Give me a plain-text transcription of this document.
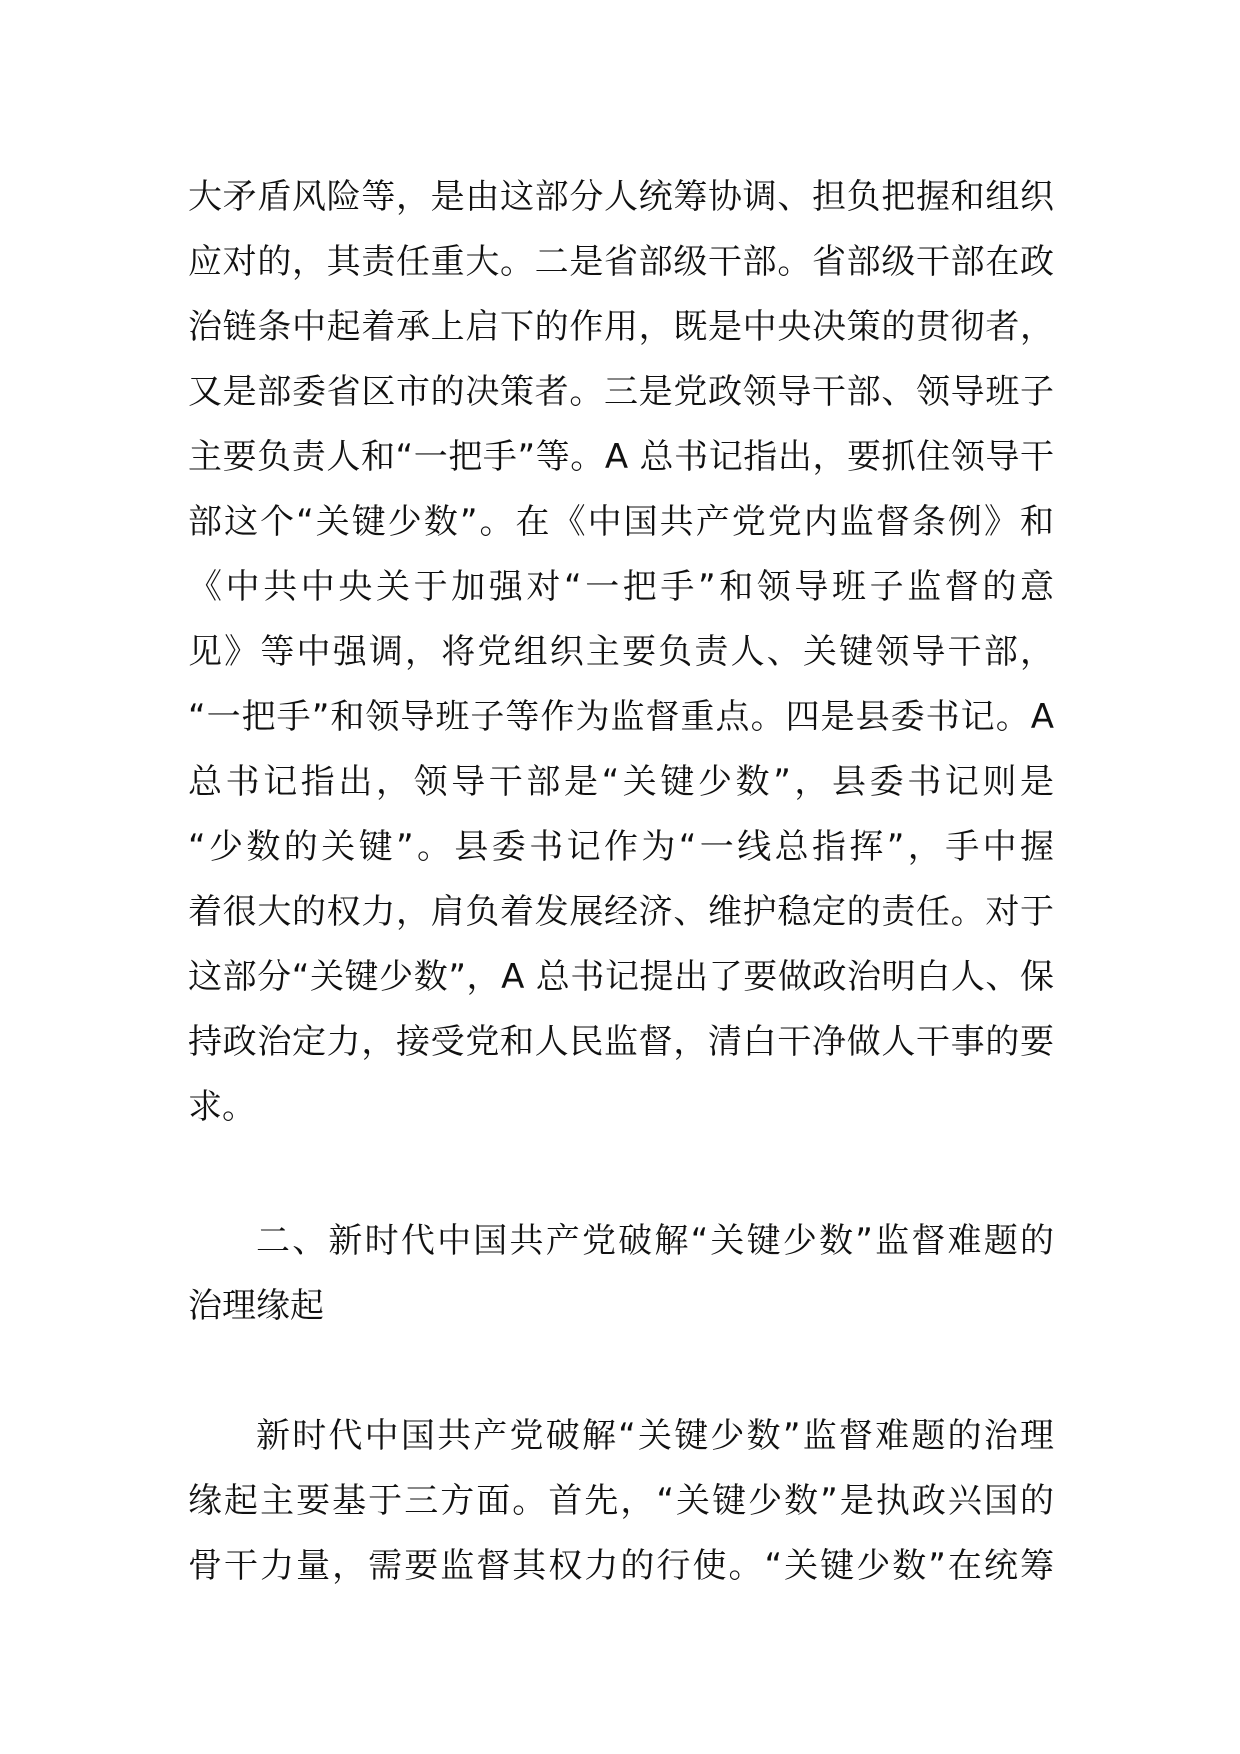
大矛盾风险等，是由这部分人统筹协调、担负把握和组织
应对的，其责任重大。二是省部级干部。省部级干部在政
治链条中起着承上启下的作用，既是中央决策的贯彻者，
又是部委省区市的决策者。三是党政领导干部、领导班子
主要负责人和“一把手”等。A 总书记指出，要抓住领导干
部这个“关键少数”。在《中国共产党党内监督条例》和
《中共中央关于加强对“一把手”和领导班子监督的意
见》等中强调，将党组织主要负责人、关键领导干部，
“一把手”和领导班子等作为监督重点。四是县委书记。A
总书记指出，领导干部是“关键少数”，县委书记则是
“少数的关键”。县委书记作为“一线总指挥”，手中握
着很大的权力，肩负着发展经济、维护稳定的责任。对于
这部分“关键少数”，A 总书记提出了要做政治明白人、保
持政治定力，接受党和人民监督，清白干净做人干事的要
求。
二、新时代中国共产党破解“关键少数”监督难题的
治理缘起
新时代中国共产党破解“关键少数”监督难题的治理
缘起主要基于三方面。首先，“关键少数”是执政兴国的
骨干力量，需要监督其权力的行使。“关键少数”在统筹
